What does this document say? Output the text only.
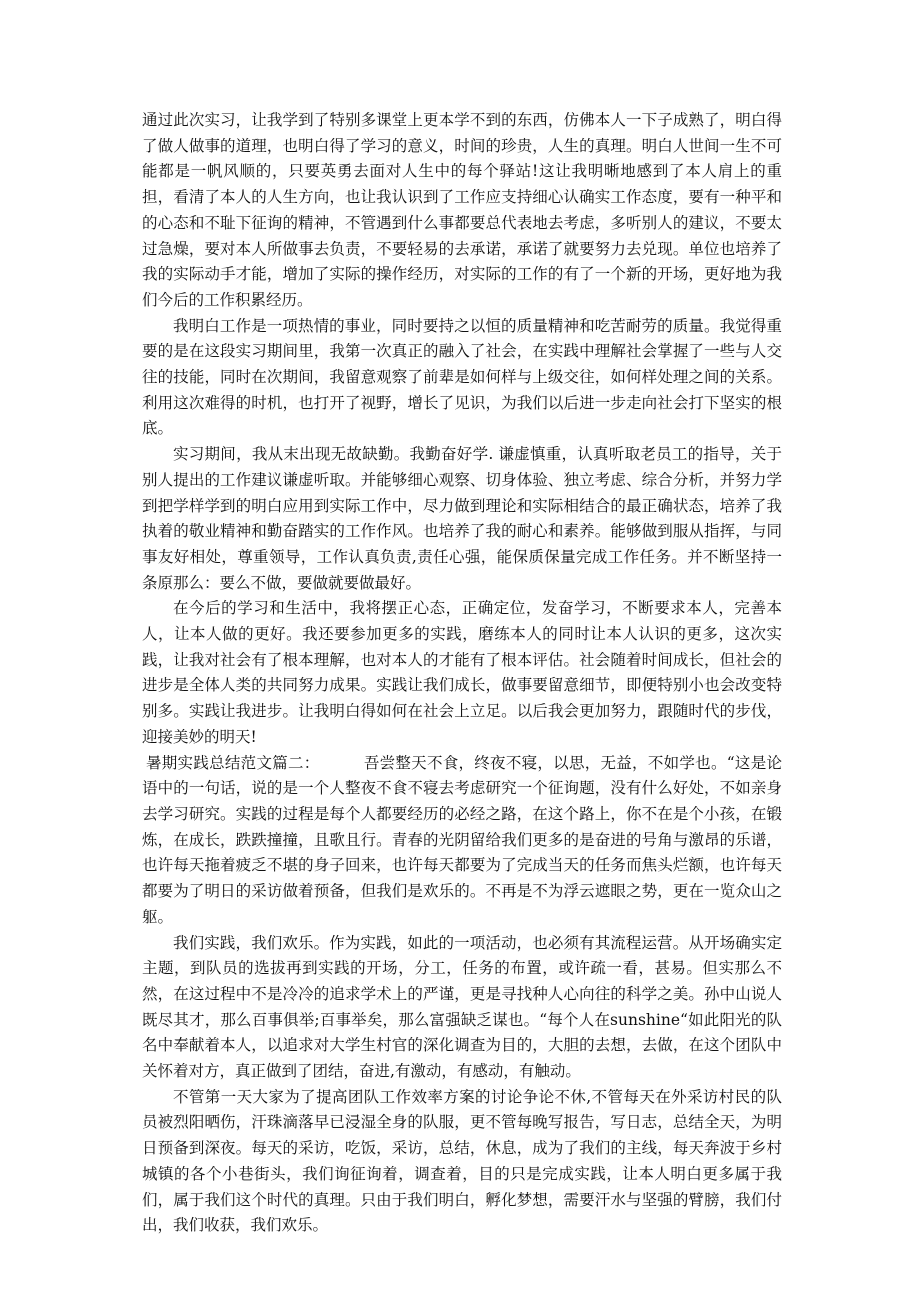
通过此次实习，让我学到了特别多课堂上更本学不到的东西，仿佛本人一下子成熟了，明白得了做人做事的道理，也明白得了学习的意义，时间的珍贵，人生的真理。明白人世间一生不可能都是一帆风顺的，只要英勇去面对人生中的每个驿站!这让我明晰地感到了本人肩上的重担，看清了本人的人生方向，也让我认识到了工作应支持细心认确实工作态度，要有一种平和的心态和不耻下征询的精神，不管遇到什么事都要总代表地去考虑，多听别人的建议，不要太过急燥，要对本人所做事去负责，不要轻易的去承诺，承诺了就要努力去兑现。单位也培养了我的实际动手才能，增加了实际的操作经历，对实际的工作的有了一个新的开场，更好地为我们今后的工作积累经历。

我明白工作是一项热情的事业，同时要持之以恒的质量精神和吃苦耐劳的质量。我觉得重要的是在这段实习期间里，我第一次真正的融入了社会，在实践中理解社会掌握了一些与人交往的技能，同时在次期间，我留意观察了前辈是如何样与上级交往，如何样处理之间的关系。利用这次难得的时机，也打开了视野，增长了见识，为我们以后进一步走向社会打下坚实的根底。

实习期间，我从末出现无故缺勤。我勤奋好学. 谦虚慎重，认真听取老员工的指导，关于别人提出的工作建议谦虚听取。并能够细心观察、切身体验、独立考虑、综合分析，并努力学到把学样学到的明白应用到实际工作中，尽力做到理论和实际相结合的最正确状态，培养了我执着的敬业精神和勤奋踏实的工作作风。也培养了我的耐心和素养。能够做到服从指挥，与同事友好相处，尊重领导，工作认真负责,责任心强，能保质保量完成工作任务。并不断坚持一条原那么：要么不做，要做就要做最好。

在今后的学习和生活中，我将摆正心态，正确定位，发奋学习，不断要求本人，完善本人，让本人做的更好。我还要参加更多的实践，磨练本人的同时让本人认识的更多，这次实践，让我对社会有了根本理解，也对本人的才能有了根本评估。社会随着时间成长，但社会的进步是全体人类的共同努力成果。实践让我们成长，做事要留意细节，即便特别小也会改变特别多。实践让我进步。让我明白得如何在社会上立足。以后我会更加努力，跟随时代的步伐，迎接美妙的明天!

暑期实践总结范文篇二：	吾尝整天不食，终夜不寝，以思，无益，不如学也。“这是论语中的一句话，说的是一个人整夜不食不寝去考虑研究一个征询题，没有什么好处，不如亲身去学习研究。实践的过程是每个人都要经历的必经之路，在这个路上，你不在是个小孩，在锻炼，在成长，跌跌撞撞，且歌且行。青春的光阴留给我们更多的是奋进的号角与激昂的乐谱，也许每天拖着疲乏不堪的身子回来，也许每天都要为了完成当天的任务而焦头烂额，也许每天都要为了明日的采访做着预备，但我们是欢乐的。不再是不为浮云遮眼之势，更在一览众山之躯。

我们实践，我们欢乐。作为实践，如此的一项活动，也必须有其流程运营。从开场确实定主题，到队员的选拔再到实践的开场，分工，任务的布置，或许疏一看，甚易。但实那么不然，在这过程中不是冷冷的追求学术上的严谨，更是寻找种人心向往的科学之美。孙中山说人既尽其才，那么百事俱举;百事举矣，那么富强缺乏谋也。“每个人在sunshine“如此阳光的队名中奉献着本人，以追求对大学生村官的深化调查为目的，大胆的去想，去做，在这个团队中关怀着对方，真正做到了团结，奋进,有激动，有感动，有触动。

不管第一天大家为了提高团队工作效率方案的讨论争论不休,不管每天在外采访村民的队员被烈阳晒伤，汗珠滴落早已浸湿全身的队服，更不管每晚写报告，写日志，总结全天，为明日预备到深夜。每天的采访，吃饭，采访，总结，休息，成为了我们的主线，每天奔波于乡村城镇的各个小巷街头，我们询征询着，调查着，目的只是完成实践，让本人明白更多属于我们，属于我们这个时代的真理。只由于我们明白，孵化梦想，需要汗水与坚强的臂膀，我们付出，我们收获，我们欢乐。
